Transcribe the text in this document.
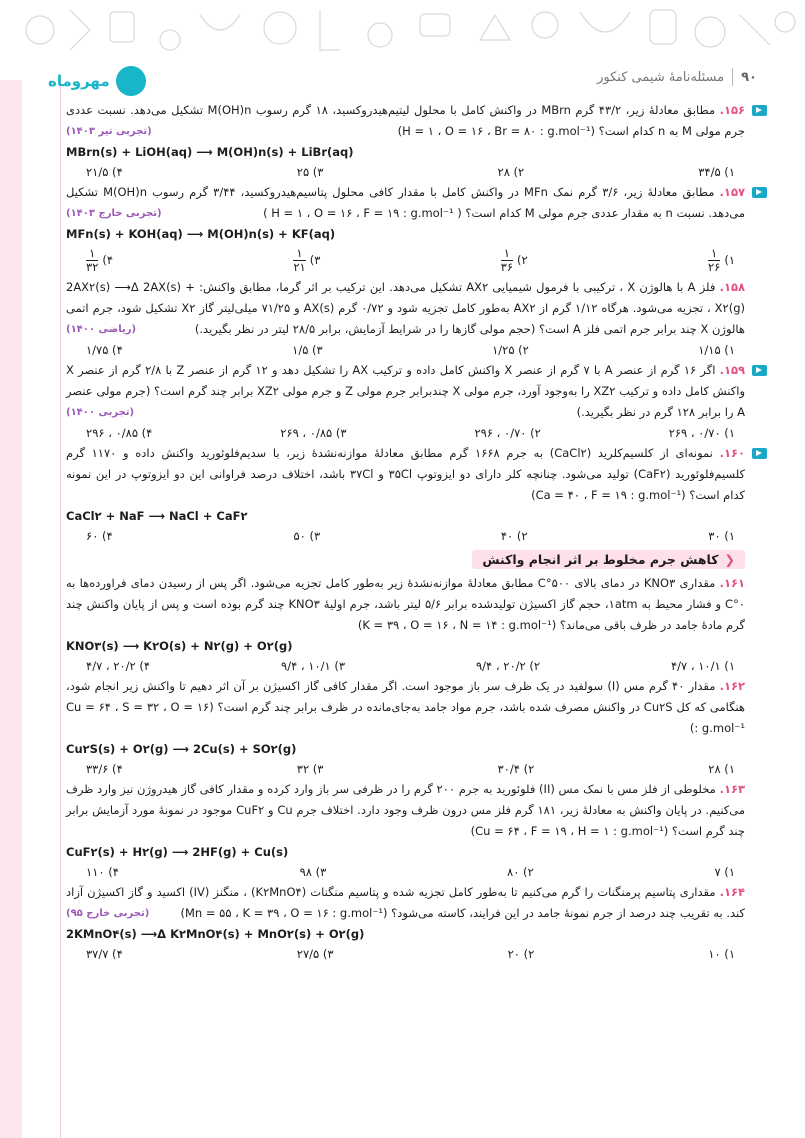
مهروماه	۹۰
مسئله‌نامهٔ شیمی کنکور
۱۵۶. مطابق معادلهٔ زیر، ۴۳/۲ گرم MBrn در واکنش کامل با محلول لیتیم‌هیدروکسید، ۱۸ گرم رسوب M(OH)n تشکیل می‌دهد. نسبت عددی جرم مولی M به n کدام است؟ (H = ۱ ، O = ۱۶ ، Br = ۸۰ : g.mol⁻¹)
(تجربی تیر ۱۴۰۳)
MBrn(s) + LiOH(aq) ⟶ M(OH)n(s) + LiBr(aq)
۱) ۳۴/۵
۲) ۲۸
۳) ۲۵
۴) ۲۱/۵
۱۵۷. مطابق معادلهٔ زیر، ۳/۶ گرم نمک MFn در واکنش کامل با مقدار کافی محلول پتاسیم‌هیدروکسید، ۳/۴۴ گرم رسوب M(OH)n تشکیل می‌دهد. نسبت n به مقدار عددی جرم مولی M کدام است؟ ( H = ۱ ، O = ۱۶ ، F = ۱۹ : g.mol⁻¹ )
(تجربی خارج ۱۴۰۳)
MFn(s) + KOH(aq) ⟶ M(OH)n(s) + KF(aq)
۱)
$\frac{۱}{۲۶}$
۲)
$\frac{۱}{۳۶}$
۳)
$\frac{۱}{۲۱}$
۴)
$\frac{۱}{۳۲}$
۱۵۸. فلز A با هالوژن X ، ترکیبی با فرمول شیمیایی AX۲ تشکیل می‌دهد. این ترکیب بر اثر گرما، مطابق واکنش: 2AX۲(s) ⟶Δ 2AX(s) + X۲(g) ، تجزیه می‌شود. هرگاه ۱/۱۲ گرم از AX۲ به‌طور کامل تجزیه شود و ۰/۷۲ گرم AX(s) و ۷۱/۲۵ میلی‌لیتر گاز X۲ تشکیل شود، جرم اتمی هالوژن X چند برابر جرم اتمی فلز A است؟ (حجم مولی گازها را در شرایط آزمایش، برابر ۲۸/۵ لیتر در نظر بگیرید.)
(ریاضی ۱۴۰۰)
۱) ۱/۱۵
۲) ۱/۲۵
۳) ۱/۵
۴) ۱/۷۵
۱۵۹. اگر ۱۶ گرم از عنصر A با ۷ گرم از عنصر X واکنش کامل داده و ترکیب AX را تشکیل دهد و ۱۲ گرم از عنصر Z با ۲/۸ گرم از عنصر X واکنش کامل داده و ترکیب XZ۲ را به‌وجود آورد، جرم مولی X چندبرابر جرم مولی Z و جرم مولی XZ۲ برابر چند گرم است؟ (جرم مولی عنصر A را برابر ۱۲۸ گرم در نظر بگیرید.)
(تجربی ۱۴۰۰)
۱) ۰/۷۰ ، ۲۶۹
۲) ۰/۷۰ ، ۲۹۶
۳) ۰/۸۵ ، ۲۶۹
۴) ۰/۸۵ ، ۲۹۶
۱۶۰. نمونه‌ای از کلسیم‌کلرید (CaCl۲) به جرم ۱۶۶۸ گرم مطابق معادلهٔ موازنه‌نشدهٔ زیر، با سدیم‌فلوئورید واکنش داده و ۱۱۷۰ گرم کلسیم‌فلوئورید (CaF۲) تولید می‌شود. چنانچه کلر دارای دو ایزوتوپ ۳۵Cl و ۳۷Cl باشد، اختلاف درصد فراوانی این دو ایزوتوپ در این نمونه کدام است؟ (Ca = ۴۰ ، F = ۱۹ : g.mol⁻¹)
CaCl۲ + NaF ⟶ NaCl + CaF۲
۱) ۳۰
۲) ۴۰
۳) ۵۰
۴) ۶۰
❮
کاهش جرم مخلوط بر اثر انجام واکنش
۱۶۱. مقداری KNO۳ در دمای بالای ۵۰۰°C مطابق معادلهٔ موازنه‌نشدهٔ زیر به‌طور کامل تجزیه می‌شود. اگر پس از رسیدن دمای فراورده‌ها به ۰°C و فشار محیط به ۱atm، حجم گاز اکسیژن تولیدشده برابر ۵/۶ لیتر باشد، جرم اولیهٔ KNO۳ چند گرم بوده است و پس از پایان واکنش چند گرم مادهٔ جامد در ظرف باقی می‌ماند؟ (K = ۳۹ ، O = ۱۶ ، N = ۱۴ : g.mol⁻¹)
KNO۳(s) ⟶ K۲O(s) + N۲(g) + O۲(g)
۱) ۱۰/۱ ، ۴/۷
۲) ۲۰/۲ ، ۹/۴
۳) ۱۰/۱ ، ۹/۴
۴) ۲۰/۲ ، ۴/۷
۱۶۲. مقدار ۴۰ گرم مس (I) سولفید در یک ظرف سر باز موجود است. اگر مقدار کافی گاز اکسیژن بر آن اثر دهیم تا واکنش زیر انجام شود، هنگامی که کل Cu۲S در واکنش مصرف شده باشد، جرم مواد جامد به‌جای‌مانده در ظرف برابر چند گرم است؟ (Cu = ۶۴ ، S = ۳۲ ، O = ۱۶ : g.mol⁻¹)
Cu۲S(s) + O۲(g) ⟶ 2Cu(s) + SO۲(g)
۱) ۲۸
۲) ۳۰/۴
۳) ۳۲
۴) ۳۳/۶
۱۶۳. مخلوطی از فلز مس با نمک مس (II) فلوئورید به جرم ۲۰۰ گرم را در ظرفی سر باز وارد کرده و مقدار کافی گاز هیدروژن نیز وارد ظرف می‌کنیم. در پایان واکنش به معادلهٔ زیر، ۱۸۱ گرم فلز مس درون ظرف وجود دارد. اختلاف جرم Cu و CuF۲ موجود در نمونهٔ مورد آزمایش برابر چند گرم است؟ (Cu = ۶۴ ، F = ۱۹ ، H = ۱ : g.mol⁻¹)
CuF۲(s) + H۲(g) ⟶ 2HF(g) + Cu(s)
۱) ۷
۲) ۸۰
۳) ۹۸
۴) ۱۱۰
۱۶۴. مقداری پتاسیم پرمنگنات را گرم می‌کنیم تا به‌طور کامل تجزیه شده و پتاسیم منگنات (K۲MnO۴) ، منگنز (IV) اکسید و گاز اکسیژن آزاد کند. به تقریب چند درصد از جرم نمونهٔ جامد در این فرایند، کاسته می‌شود؟ (Mn = ۵۵ ، K = ۳۹ ، O = ۱۶ : g.mol⁻¹)
(تجربی خارج ۹۵)
2KMnO۴(s) ⟶Δ K۲MnO۴(s) + MnO۲(s) + O۲(g)
۱) ۱۰
۲) ۲۰
۳) ۲۷/۵
۴) ۳۷/۷
